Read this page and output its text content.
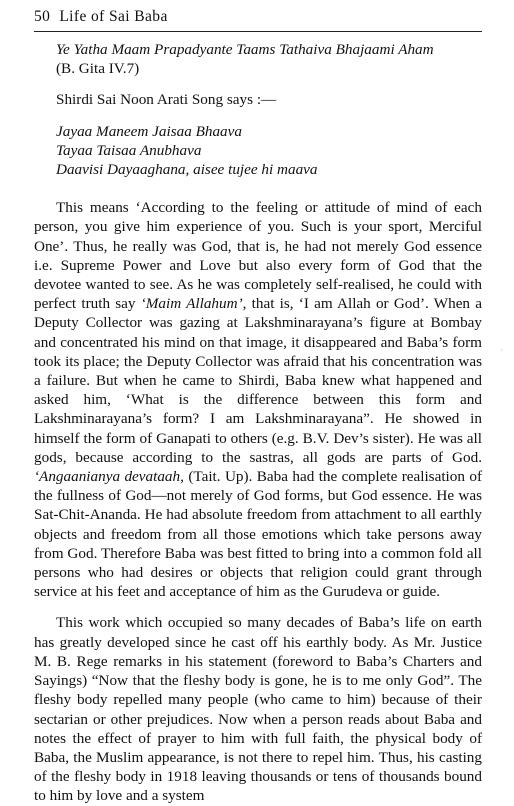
50 Life of Sai Baba
Ye Yatha Maam Prapadyante Taams Tathaiva Bhajaami Aham
(B. Gita IV.7)

Shirdi Sai Noon Arati Song says :—

Jayaa Maneem Jaisaa Bhaava
Tayaa Taisaa Anubhava
Daavisi Dayaaghana, aisee tujee hi maava

This means ‘According to the feeling or attitude of mind of each person, you give him experience of you. Such is your sport, Merciful One’. Thus, he really was God, that is, he had not merely God essence i.e. Supreme Power and Love but also every form of God that the devotee wanted to see. As he was completely self-realised, he could with perfect truth say ‘Maim Allahum’, that is, ‘I am Allah or God’. When a Deputy Collector was gazing at Lakshminarayana’s figure at Bombay and concentrated his mind on that image, it disappeared and Baba’s form took its place; the Deputy Collector was afraid that his concentration was a failure. But when he came to Shirdi, Baba knew what happened and asked him, ‘What is the difference between this form and Lakshminarayana’s form? I am Lakshminarayana”. He showed in himself the form of Ganapati to others (e.g. B.V. Dev’s sister). He was all gods, because according to the sastras, all gods are parts of God. ‘Angaanianya devataah, (Tait. Up). Baba had the complete realisation of the fullness of God—not merely of God forms, but God essence. He was Sat-Chit-Ananda. He had absolute freedom from attachment to all earthly objects and freedom from all those emotions which take persons away from God. Therefore Baba was best fitted to bring into a common fold all persons who had desires or objects that religion could grant through service at his feet and acceptance of him as the Gurudeva or guide.

This work which occupied so many decades of Baba’s life on earth has greatly developed since he cast off his earthly body. As Mr. Justice M. B. Rege remarks in his statement (foreword to Baba’s Charters and Sayings) “Now that the fleshy body is gone, he is to me only God”. The fleshy body repelled many people (who came to him) because of their sectarian or other prejudices. Now when a person reads about Baba and notes the effect of prayer to him with full faith, the physical body of Baba, the Muslim appearance, is not there to repel him. Thus, his casting of the fleshy body in 1918 leaving thousands or tens of thousands bound to him by love and a system

·
